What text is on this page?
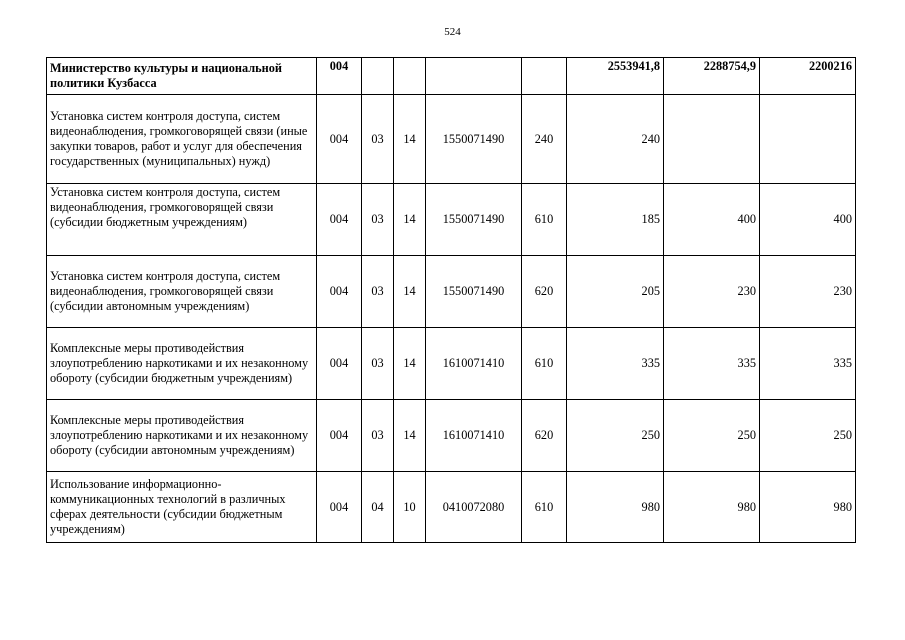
524
Министерство культуры и национальной политики Кузбасса	004					2553941,8	2288754,9	2200216
Установка систем контроля доступа, систем видеонаблюдения, громкоговорящей связи (иные закупки товаров, работ и услуг для обеспечения государственных (муниципальных) нужд)	004	03	14	1550071490	240	240		
Установка систем контроля доступа, систем видеонаблюдения, громкоговорящей связи (субсидии бюджетным учреждениям)	004	03	14	1550071490	610	185	400	400
Установка систем контроля доступа, систем видеонаблюдения, громкоговорящей связи (субсидии автономным учреждениям)	004	03	14	1550071490	620	205	230	230
Комплексные меры противодействия злоупотреблению наркотиками и их незаконному обороту (субсидии бюджетным учреждениям)	004	03	14	1610071410	610	335	335	335
Комплексные меры противодействия злоупотреблению наркотиками и их незаконному обороту (субсидии автономным учреждениям)	004	03	14	1610071410	620	250	250	250
Использование информационно-коммуникационных технологий в различных сферах деятельности (субсидии бюджетным учреждениям)	004	04	10	0410072080	610	980	980	980
